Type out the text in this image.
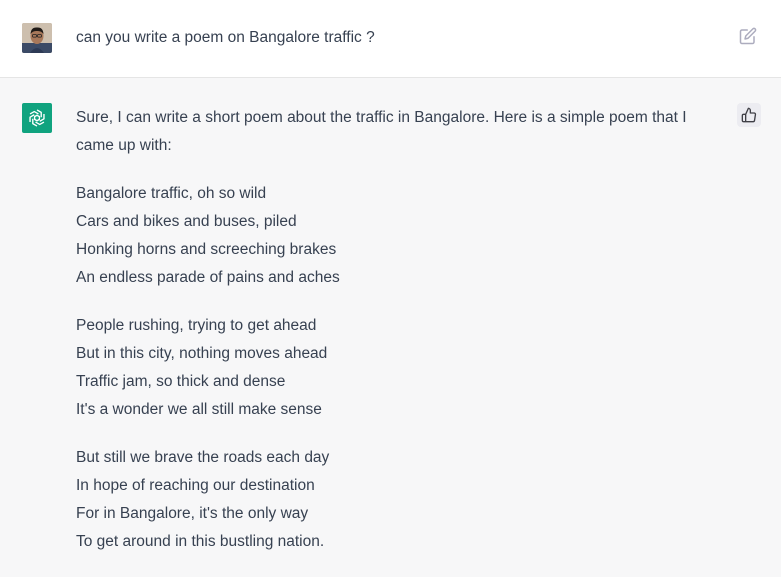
can you write a poem on Bangalore traffic ?

Sure, I can write a short poem about the traffic in Bangalore. Here is a simple poem that I came up with:

Bangalore traffic, oh so wild
Cars and bikes and buses, piled
Honking horns and screeching brakes
An endless parade of pains and aches
People rushing, trying to get ahead
But in this city, nothing moves ahead
Traffic jam, so thick and dense
It's a wonder we all still make sense
But still we brave the roads each day
In hope of reaching our destination
For in Bangalore, it's the only way
To get around in this bustling nation.
